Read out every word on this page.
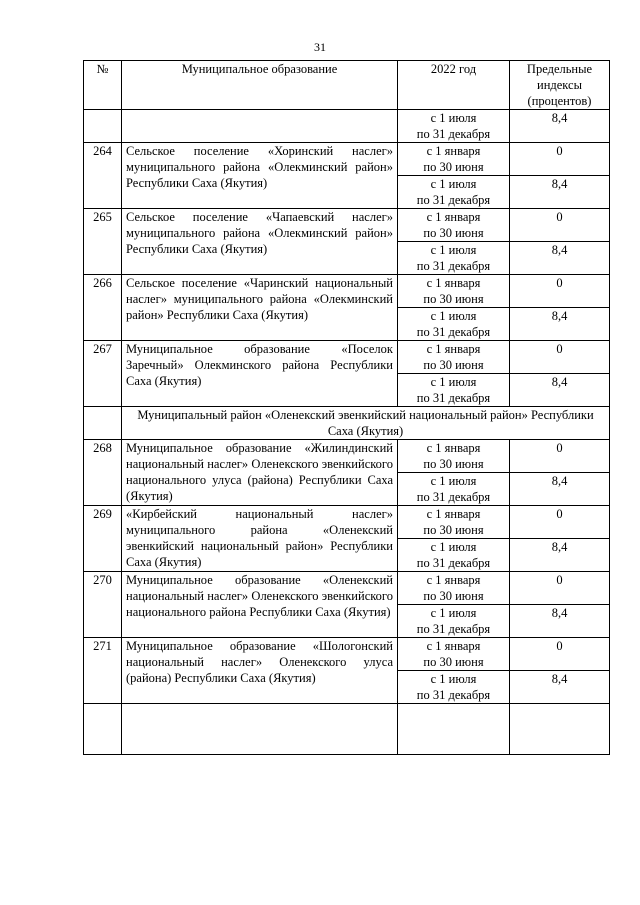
31
№	Муниципальное образование	2022 год	Предельные индексы (процентов)
		с 1 июля
по 31 декабря	8,4
264	Сельское поселение «Хоринский наслег» муниципального района «Олекминский район» Республики Саха (Якутия)	с 1 января
по 30 июня	0
		с 1 июля
по 31 декабря	8,4
265	Сельское поселение «Чапаевский наслег» муниципального района «Олекминский район» Республики Саха (Якутия)	с 1 января
по 30 июня	0
		с 1 июля
по 31 декабря	8,4
266	Сельское поселение «Чаринский национальный наслег» муниципального района «Олекминский район» Республики Саха (Якутия)	с 1 января
по 30 июня	0
		с 1 июля
по 31 декабря	8,4
267	Муниципальное образование «Поселок Заречный» Олекминского района Республики Саха (Якутия)	с 1 января
по 30 июня	0
		с 1 июля
по 31 декабря	8,4
	Муниципальный район «Оленекский эвенкийский национальный район» Республики Саха (Якутия)		
268	Муниципальное образование «Жилиндинский национальный наслег» Оленекского эвенкийского национального улуса (района) Республики Саха (Якутия)	с 1 января
по 30 июня	0
		с 1 июля
по 31 декабря	8,4
269	«Кирбейский национальный наслег» муниципального района «Оленекский эвенкийский национальный район» Республики Саха (Якутия)	с 1 января
по 30 июня	0
		с 1 июля
по 31 декабря	8,4
270	Муниципальное образование «Оленекский национальный наслег» Оленекского эвенкийского национального района Республики Саха (Якутия)	с 1 января
по 30 июня	0
		с 1 июля
по 31 декабря	8,4
271	Муниципальное образование «Шологонский национальный наслег» Оленекского улуса (района) Республики Саха (Якутия)	с 1 января
по 30 июня	0
		с 1 июля
по 31 декабря	8,4
